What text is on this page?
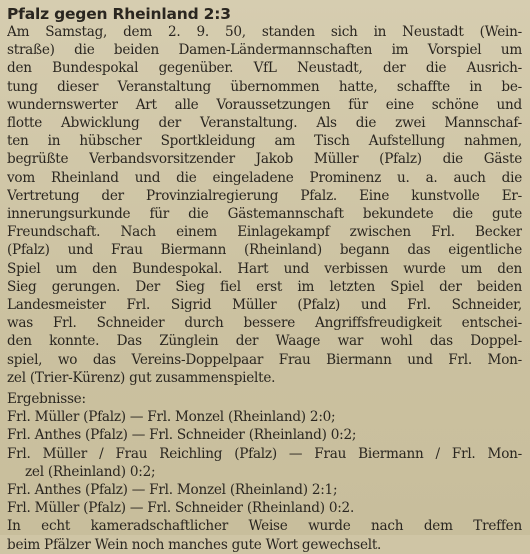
Pfalz gegen Rheinland 2:3
Am Samstag, dem 2. 9. 50, standen sich in Neustadt (Wein-
straße) die beiden Damen-Ländermannschaften im Vorspiel um
den Bundespokal gegenüber. VfL Neustadt, der die Ausrich-
tung dieser Veranstaltung übernommen hatte, schaffte in be-
wundernswerter Art alle Voraussetzungen für eine schöne und
flotte Abwicklung der Veranstaltung. Als die zwei Mannschaf-
ten in hübscher Sportkleidung am Tisch Aufstellung nahmen,
begrüßte Verbandsvorsitzender Jakob Müller (Pfalz) die Gäste
vom Rheinland und die eingeladene Prominenz u. a. auch die
Vertretung der Provinzialregierung Pfalz. Eine kunstvolle Er-
innerungsurkunde für die Gästemannschaft bekundete die gute
Freundschaft. Nach einem Einlagekampf zwischen Frl. Becker
(Pfalz) und Frau Biermann (Rheinland) begann das eigentliche
Spiel um den Bundespokal. Hart und verbissen wurde um den
Sieg gerungen. Der Sieg fiel erst im letzten Spiel der beiden
Landesmeister Frl. Sigrid Müller (Pfalz) und Frl. Schneider,
was Frl. Schneider durch bessere Angriffsfreudigkeit entschei-
den konnte. Das Zünglein der Waage war wohl das Doppel-
spiel, wo das Vereins-Doppelpaar Frau Biermann und Frl. Mon-
zel (Trier-Kürenz) gut zusammenspielte.
Ergebnisse:
Frl. Müller (Pfalz) — Frl. Monzel (Rheinland) 2:0;
Frl. Anthes (Pfalz) — Frl. Schneider (Rheinland) 0:2;
Frl. Müller / Frau Reichling (Pfalz) — Frau Biermann / Frl. Mon-
zel (Rheinland) 0:2;
Frl. Anthes (Pfalz) — Frl. Monzel (Rheinland) 2:1;
Frl. Müller (Pfalz) — Frl. Schneider (Rheinland) 0:2.
In echt kameradschaftlicher Weise wurde nach dem Treffen
beim Pfälzer Wein noch manches gute Wort gewechselt.
